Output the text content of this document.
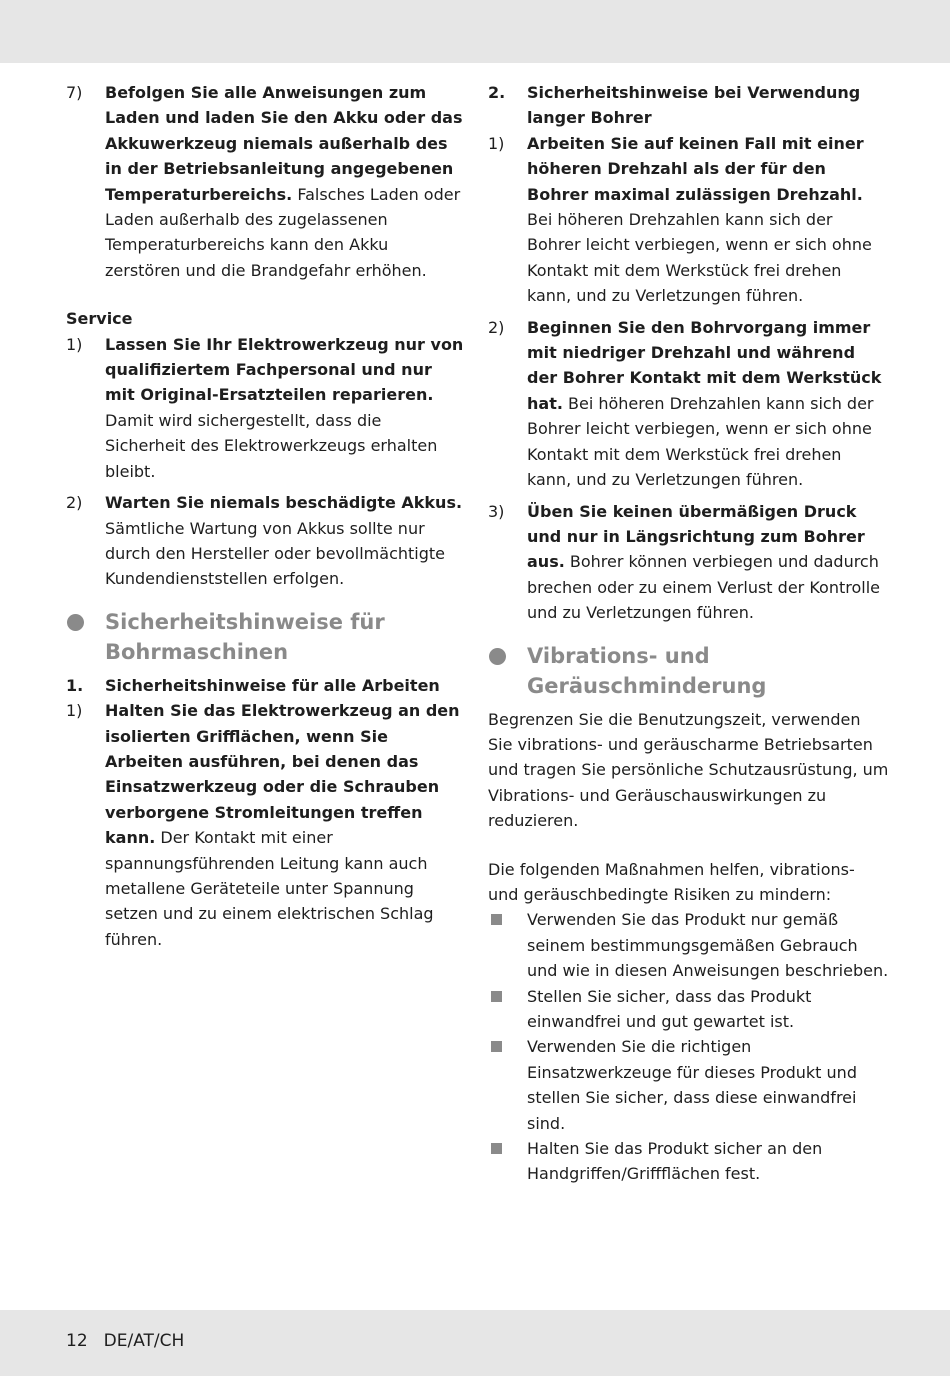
7) Befolgen Sie alle Anweisungen zum Laden und laden Sie den Akku oder das Akkuwerkzeug niemals außerhalb des in der Betriebsanleitung angegebenen Temperaturbereichs. Falsches Laden oder Laden außerhalb des zugelassenen Temperaturbereichs kann den Akku zerstören und die Brandgefahr erhöhen.
Service
1) Lassen Sie Ihr Elektrowerkzeug nur von qualifiziertem Fachpersonal und nur mit Original-Ersatzteilen reparieren. Damit wird sichergestellt, dass die Sicherheit des Elektrowerkzeugs erhalten bleibt.
2) Warten Sie niemals beschädigte Akkus. Sämtliche Wartung von Akkus sollte nur durch den Hersteller oder bevollmächtigte Kundendienststellen erfolgen.
Sicherheitshinweise für Bohrmaschinen
1. Sicherheitshinweise für alle Arbeiten
1) Halten Sie das Elektrowerkzeug an den isolierten Grifflächen, wenn Sie Arbeiten ausführen, bei denen das Einsatzwerkzeug oder die Schrauben verborgene Stromleitungen treffen kann. Der Kontakt mit einer spannungsführenden Leitung kann auch metallene Geräteteile unter Spannung setzen und zu einem elektrischen Schlag führen.
2. Sicherheitshinweise bei Verwendung langer Bohrer
1) Arbeiten Sie auf keinen Fall mit einer höheren Drehzahl als der für den Bohrer maximal zulässigen Drehzahl. Bei höheren Drehzahlen kann sich der Bohrer leicht verbiegen, wenn er sich ohne Kontakt mit dem Werkstück frei drehen kann, und zu Verletzungen führen.
2) Beginnen Sie den Bohrvorgang immer mit niedriger Drehzahl und während der Bohrer Kontakt mit dem Werkstück hat. Bei höheren Drehzahlen kann sich der Bohrer leicht verbiegen, wenn er sich ohne Kontakt mit dem Werkstück frei drehen kann, und zu Verletzungen führen.
3) Üben Sie keinen übermäßigen Druck und nur in Längsrichtung zum Bohrer aus. Bohrer können verbiegen und dadurch brechen oder zu einem Verlust der Kontrolle und zu Verletzungen führen.
Vibrations- und Geräuschminderung
Begrenzen Sie die Benutzungszeit, verwenden Sie vibrations- und geräuscharme Betriebsarten und tragen Sie persönliche Schutzausrüstung, um Vibrations- und Geräuschauswirkungen zu reduzieren.
Die folgenden Maßnahmen helfen, vibrations- und geräuschbedingte Risiken zu mindern:
Verwenden Sie das Produkt nur gemäß seinem bestimmungsgemäßen Gebrauch und wie in diesen Anweisungen beschrieben.
Stellen Sie sicher, dass das Produkt einwandfrei und gut gewartet ist.
Verwenden Sie die richtigen Einsatzwerkzeuge für dieses Produkt und stellen Sie sicher, dass diese einwandfrei sind.
Halten Sie das Produkt sicher an den Handgriffen/Griffflächen fest.
12 DE/AT/CH
